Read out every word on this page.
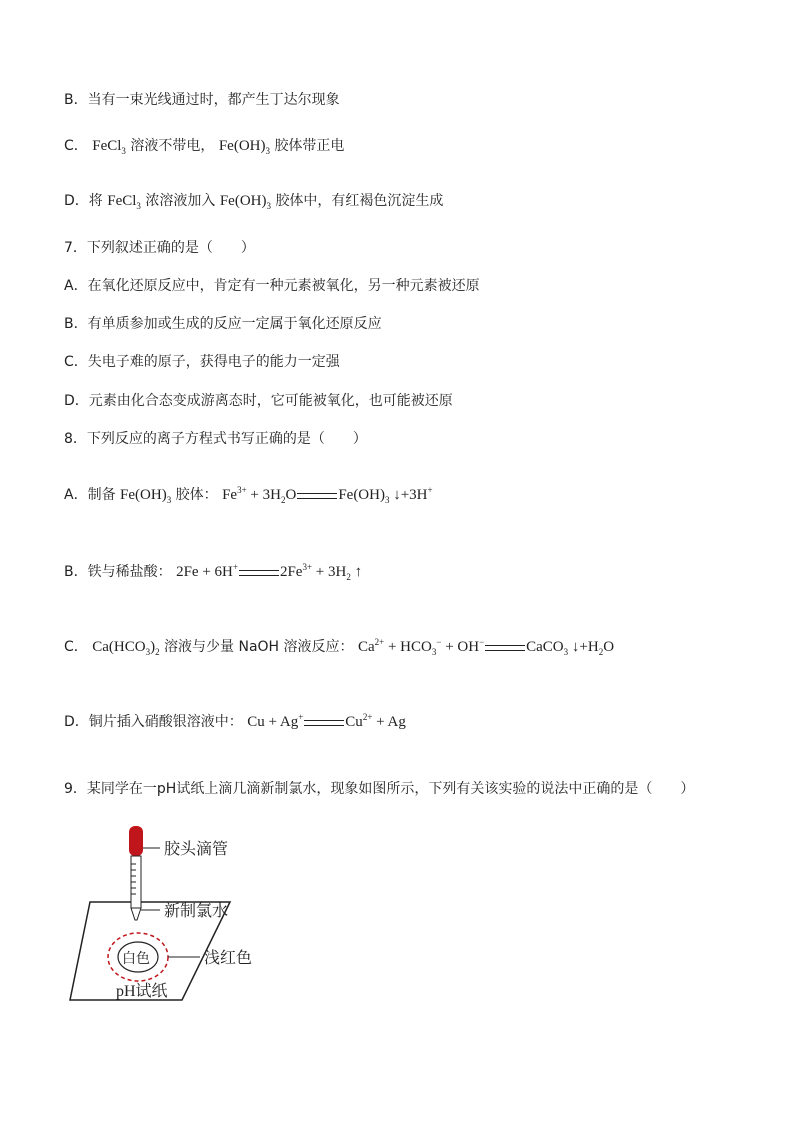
B．当有一束光线通过时，都产生丁达尔现象
C． FeCl$_3$ 溶液不带电， $Fe(OH)_3$ 胶体带正电
D．将 FeCl$_3$ 浓溶液加入 $Fe(OH)_3$ 胶体中，有红褐色沉淀生成
7．下列叙述正确的是（　　）
A．在氧化还原反应中，肯定有一种元素被氧化，另一种元素被还原
B．有单质参加或生成的反应一定属于氧化还原反应
C．失电子难的原子，获得电子的能力一定强
D．元素由化合态变成游离态时，它可能被氧化，也可能被还原
8．下列反应的离子方程式书写正确的是（　　）
A．制备 $Fe(OH)_3$ 胶体： $Fe^{3+} + 3H_2O$	$Fe(OH)_3$ ↓+3H+
B．铁与稀盐酸： 2Fe + 6H+	$2Fe^{3+} + 3H_2$ ↑
C． $Ca(HCO_3)_2$ 溶液与少量 NaOH 溶液反应： $Ca^{2+} + HCO_3^- + OH^-$	CaCO$_3$ $↓+H_2O$
D．铜片插入硝酸银溶液中： Cu + Ag+	$Cu^{2+} + Ag$
9．某同学在一pH试纸上滴几滴新制氯水，现象如图所示，下列有关该实验的说法中正确的是（　　）
胶头滴管
新制氯水
白色	浅红色
pH试纸
